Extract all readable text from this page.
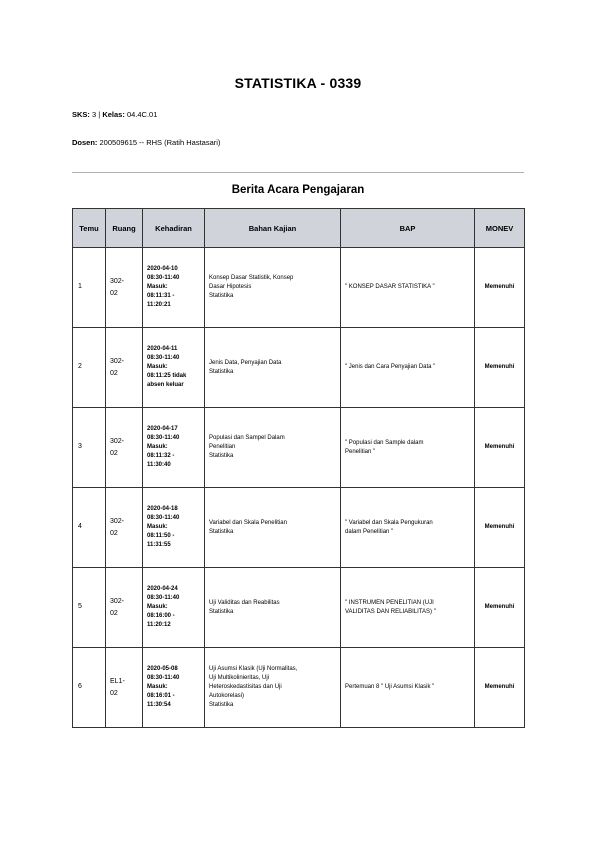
STATISTIKA - 0339
SKS: 3 | Kelas: 04.4C.01
Dosen: 200509615 -- RHS (Ratih Hastasari)
Berita Acara Pengajaran
Temu	Ruang	Kehadiran	Bahan Kajian	BAP	MONEV
1	302-
02	2020-04-10
08:30-11:40
Masuk:
08:11:31 -
11:20:21	Konsep Dasar Statistik, Konsep
Dasar Hipotesis
Statistika	" KONSEP DASAR STATISTIKA "	Memenuhi
2	302-
02	2020-04-11
08:30-11:40
Masuk:
08:11:25 tidak
absen keluar	Jenis Data, Penyajian Data
Statistika	" Jenis dan Cara Penyajian Data "	Memenuhi
3	302-
02	2020-04-17
08:30-11:40
Masuk:
08:11:32 -
11:30:40	Populasi dan Sampel Dalam
Penelitian
Statistika	" Populasi dan Sample dalam
Penelitian "	Memenuhi
4	302-
02	2020-04-18
08:30-11:40
Masuk:
08:11:50 -
11:31:55	Variabel dan Skala Penelitian
Statistika	" Variabel dan Skala Pengukuran
dalam Penelitian "	Memenuhi
5	302-
02	2020-04-24
08:30-11:40
Masuk:
08:16:00 -
11:20:12	Uji Validitas dan Reabilitas
Statistika	" INSTRUMEN PENELITIAN (UJI
VALIDITAS DAN RELIABILITAS) "	Memenuhi
6	EL1-
02	2020-05-08
08:30-11:40
Masuk:
08:16:01 -
11:30:54	Uji Asumsi Klasik (Uji Normalitas,
Uji Multikolinieritas, Uji
Heteroskedastisitas dan Uji
Autokorelasi)
Statistika	Pertemuan 8 " Uji Asumsi Klasik "	Memenuhi
